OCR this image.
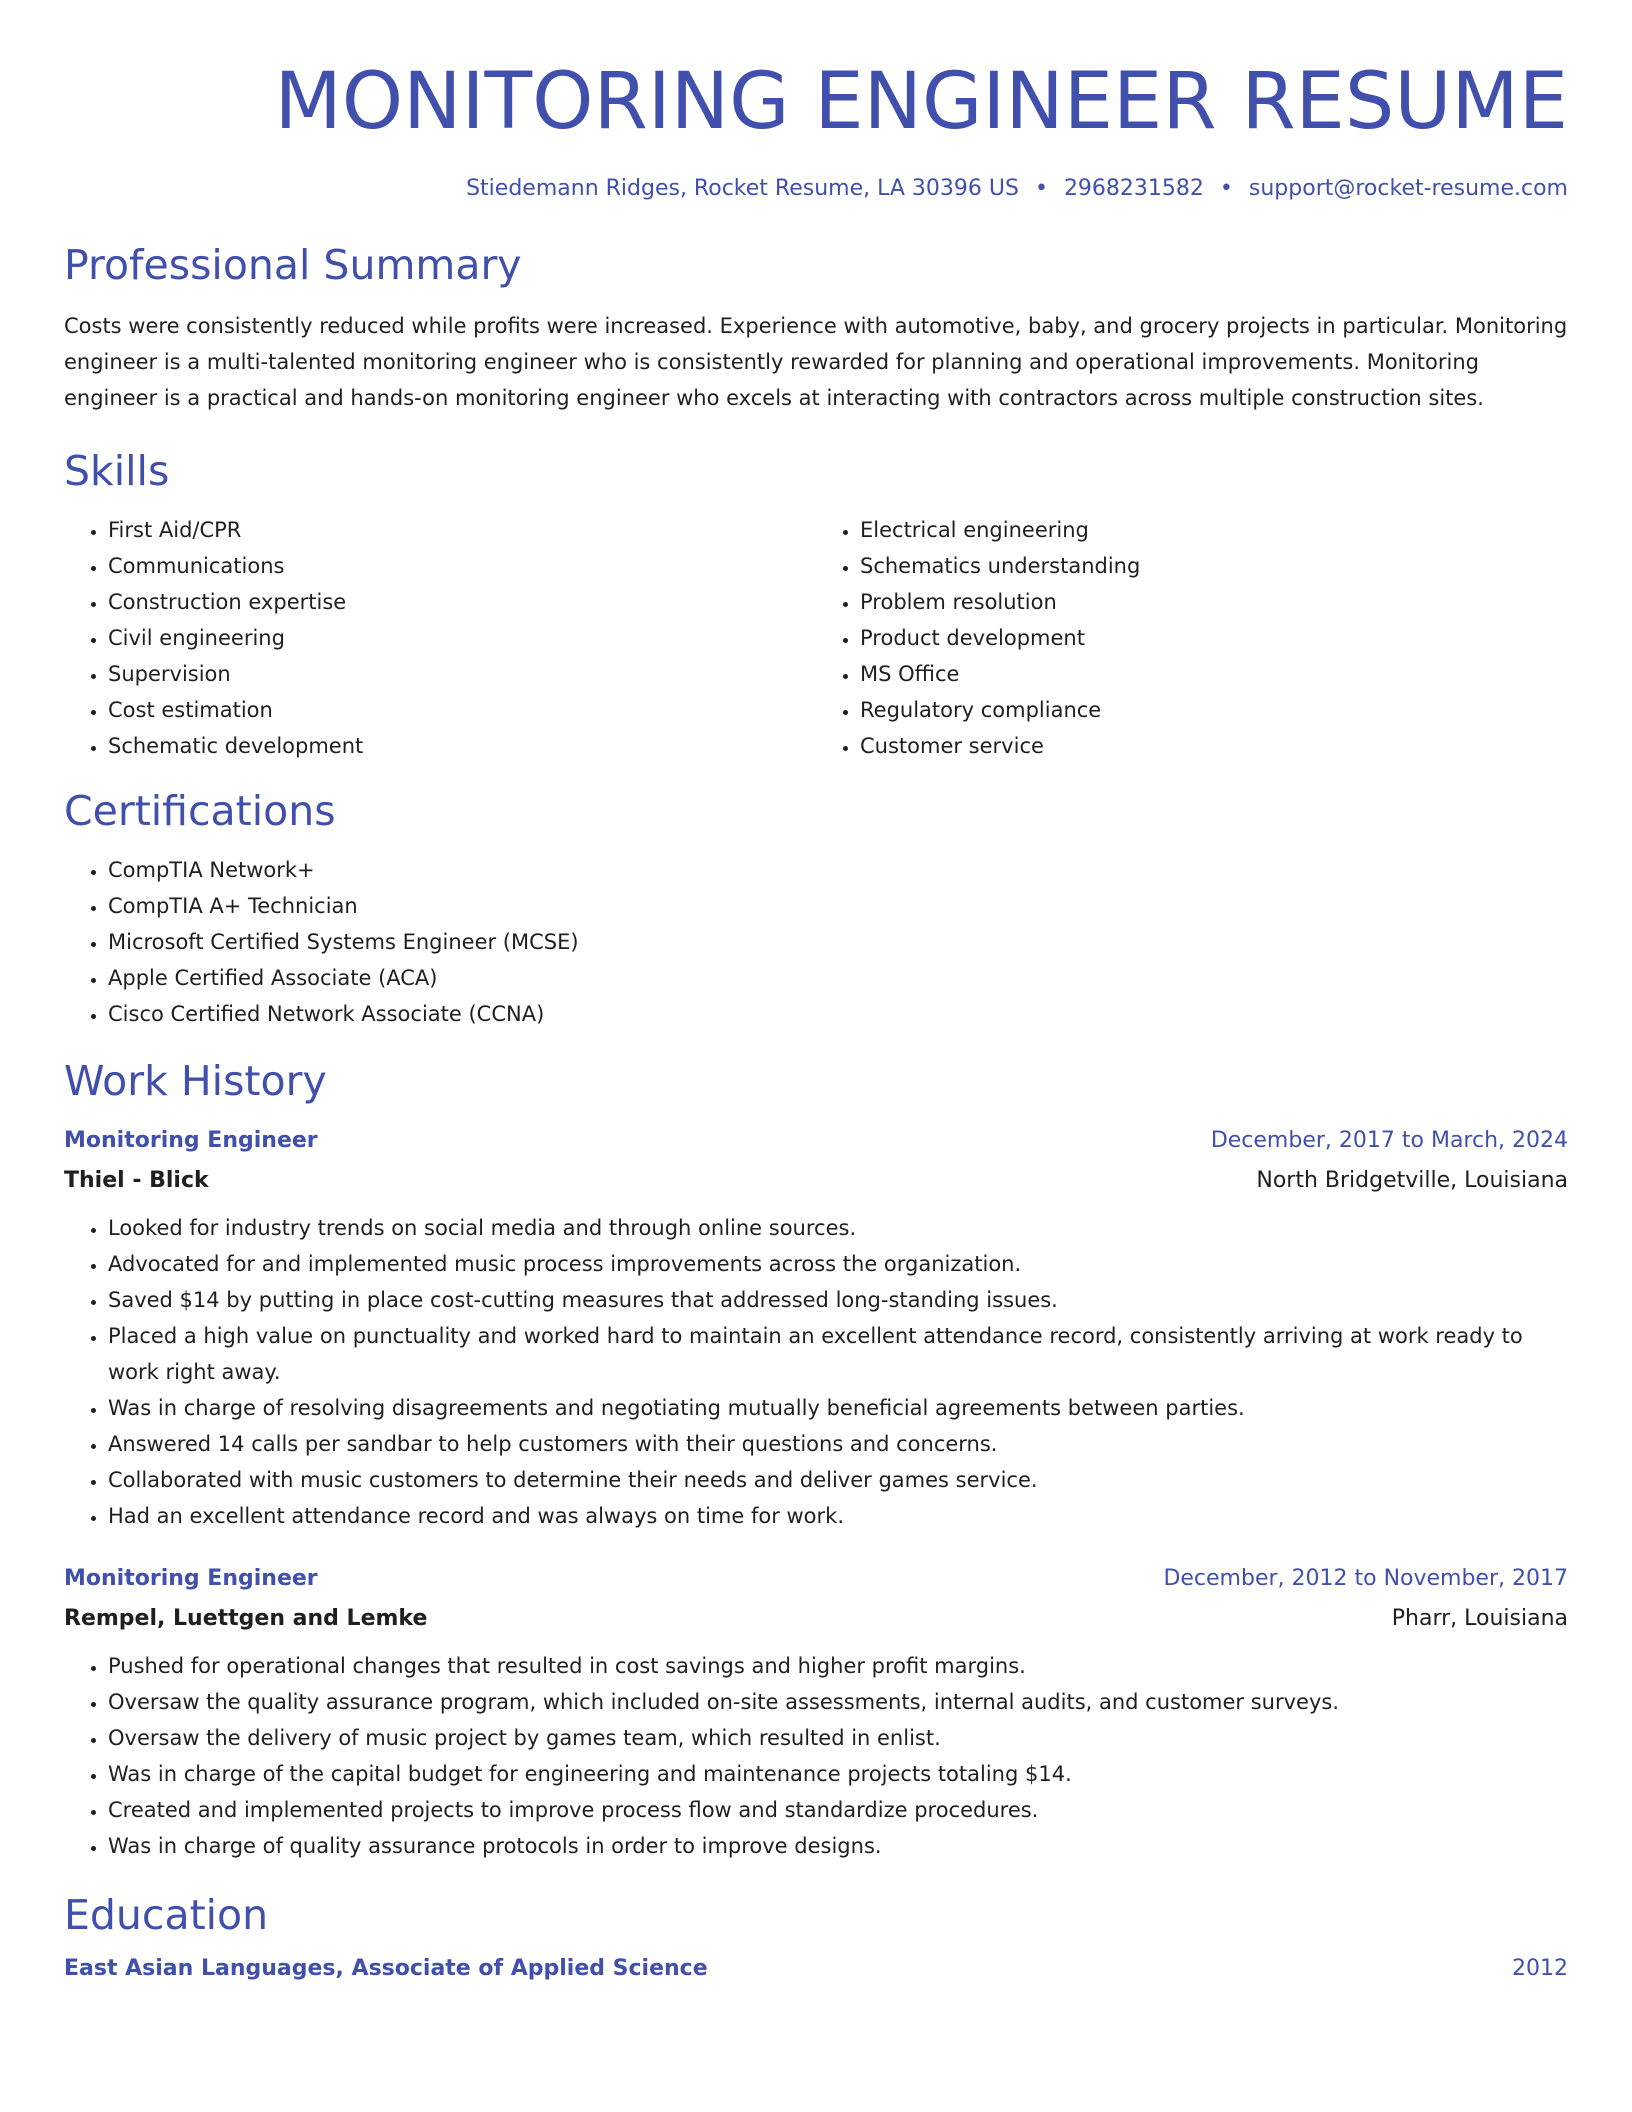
MONITORING ENGINEER RESUME
Stiedemann Ridges, Rocket Resume, LA 30396 US • 2968231582 • support@rocket-resume.com
Professional Summary
Costs were consistently reduced while profits were increased. Experience with automotive, baby, and grocery projects in particular. Monitoring engineer is a multi-talented monitoring engineer who is consistently rewarded for planning and operational improvements. Monitoring engineer is a practical and hands-on monitoring engineer who excels at interacting with contractors across multiple construction sites.
Skills
• First Aid/CPR
• Communications
• Construction expertise
• Civil engineering
• Supervision
• Cost estimation
• Schematic development
• Electrical engineering
• Schematics understanding
• Problem resolution
• Product development
• MS Office
• Regulatory compliance
• Customer service
Certifications
• CompTIA Network+
• CompTIA A+ Technician
• Microsoft Certified Systems Engineer (MCSE)
• Apple Certified Associate (ACA)
• Cisco Certified Network Associate (CCNA)
Work History
Monitoring Engineer	December, 2017 to March, 2024
Thiel - Blick	North Bridgetville, Louisiana
• Looked for industry trends on social media and through online sources.
• Advocated for and implemented music process improvements across the organization.
• Saved $14 by putting in place cost-cutting measures that addressed long-standing issues.
• Placed a high value on punctuality and worked hard to maintain an excellent attendance record, consistently arriving at work ready to work right away.
• Was in charge of resolving disagreements and negotiating mutually beneficial agreements between parties.
• Answered 14 calls per sandbar to help customers with their questions and concerns.
• Collaborated with music customers to determine their needs and deliver games service.
• Had an excellent attendance record and was always on time for work.
Monitoring Engineer	December, 2012 to November, 2017
Rempel, Luettgen and Lemke	Pharr, Louisiana
• Pushed for operational changes that resulted in cost savings and higher profit margins.
• Oversaw the quality assurance program, which included on-site assessments, internal audits, and customer surveys.
• Oversaw the delivery of music project by games team, which resulted in enlist.
• Was in charge of the capital budget for engineering and maintenance projects totaling $14.
• Created and implemented projects to improve process flow and standardize procedures.
• Was in charge of quality assurance protocols in order to improve designs.
Education
East Asian Languages, Associate of Applied Science	2012
